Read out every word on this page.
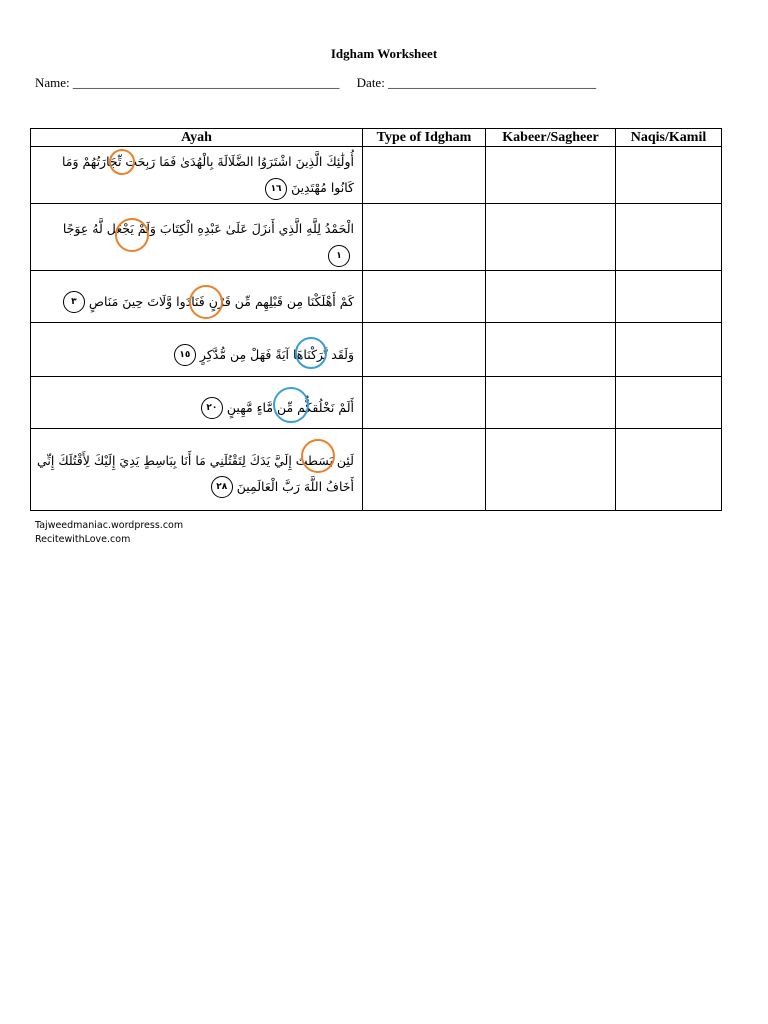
Idgham Worksheet
Name: _________________________________________ Date: ________________________________
Ayah	Type of Idgham	Kabeer/Sagheer	Naqis/Kamil

أُولَٰئِكَ الَّذِينَ اشْتَرَوُا الضَّلَالَةَ بِالْهُدَىٰ فَمَا رَبِحَت تِّجَارَتُهُمْ وَمَا كَانُوا مُهْتَدِينَ١٦			

الْحَمْدُ لِلَّهِ الَّذِي أَنزَلَ عَلَىٰ عَبْدِهِ الْكِتَابَ وَلَمْ يَجْعَل لَّهُ عِوَجًا١			

كَمْ أَهْلَكْنَا مِن قَبْلِهِم مِّن قَرْنٍ فَنَادَوا وَّلَاتَ حِينَ مَنَاصٍ٣			

وَلَقَد تَّرَكْنَاهَا آيَةً فَهَلْ مِن مُّدَّكِرٍ١٥			

أَلَمْ نَخْلُقكُّم مِّن مَّاءٍ مَّهِينٍ٢٠			

لَئِن بَسَطتَ إِلَيَّ يَدَكَ لِتَقْتُلَنِي مَا أَنَا بِبَاسِطٍ يَدِيَ إِلَيْكَ لِأَقْتُلَكَ إِنِّي أَخَافُ اللَّهَ رَبَّ الْعَالَمِينَ٢٨			

Tajweedmaniac.wordpress.com
RecitewithLove.com
